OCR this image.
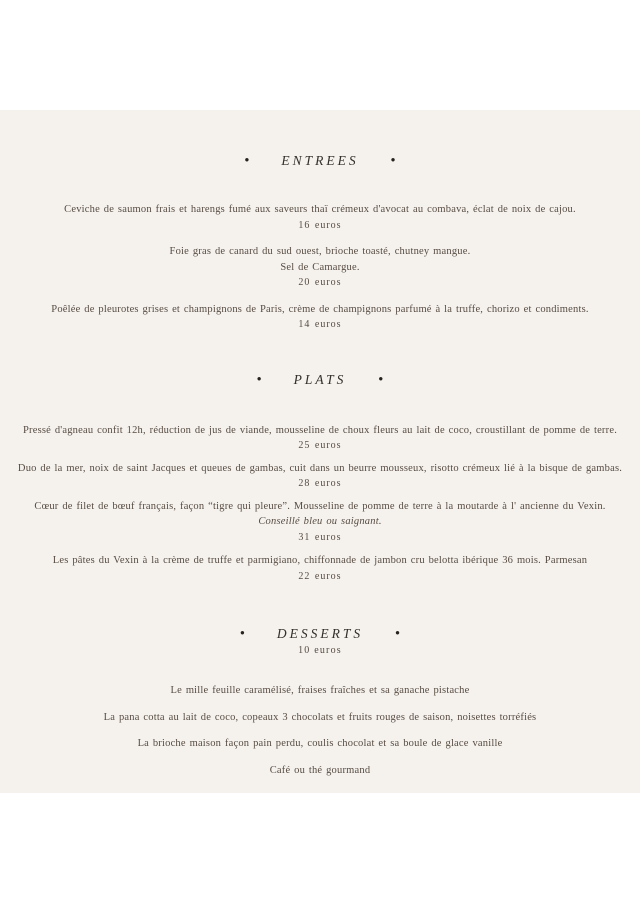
● ENTREES	●
Ceviche de saumon frais et harengs fumé aux saveurs thaï crémeux d'avocat au combava, éclat de noix de cajou.
16 euros
Foie gras de canard du sud ouest, brioche toasté, chutney mangue.
Sel de Camargue.
20 euros
Poêlée de pleurotes grises et champignons de Paris, crème de champignons parfumé à la truffe, chorizo et condiments.
14 euros
● PLATS	●
Pressé d'agneau confit 12h, réduction de jus de viande, mousseline de choux fleurs au lait de coco, croustillant de pomme de terre.
25 euros
Duo de la mer, noix de saint Jacques et queues de gambas, cuit dans un beurre mousseux, risotto crémeux lié à la bisque de gambas.
28 euros
Cœur de filet de bœuf français, façon “tigre qui pleure”. Mousseline de pomme de terre à la moutarde à l' ancienne du Vexin.
Conseillé bleu ou saignant.
31 euros
Les pâtes du Vexin à la crème de truffe et parmigiano, chiffonnade de jambon cru belotta ibérique 36 mois. Parmesan
22 euros
● DESSERTS	●
10 euros
Le mille feuille caramélisé, fraises fraîches et sa ganache pistache
La pana cotta au lait de coco, copeaux 3 chocolats et fruits rouges de saison, noisettes torréfiés
La brioche maison façon pain perdu, coulis chocolat et sa boule de glace vanille
Café ou thé gourmand
